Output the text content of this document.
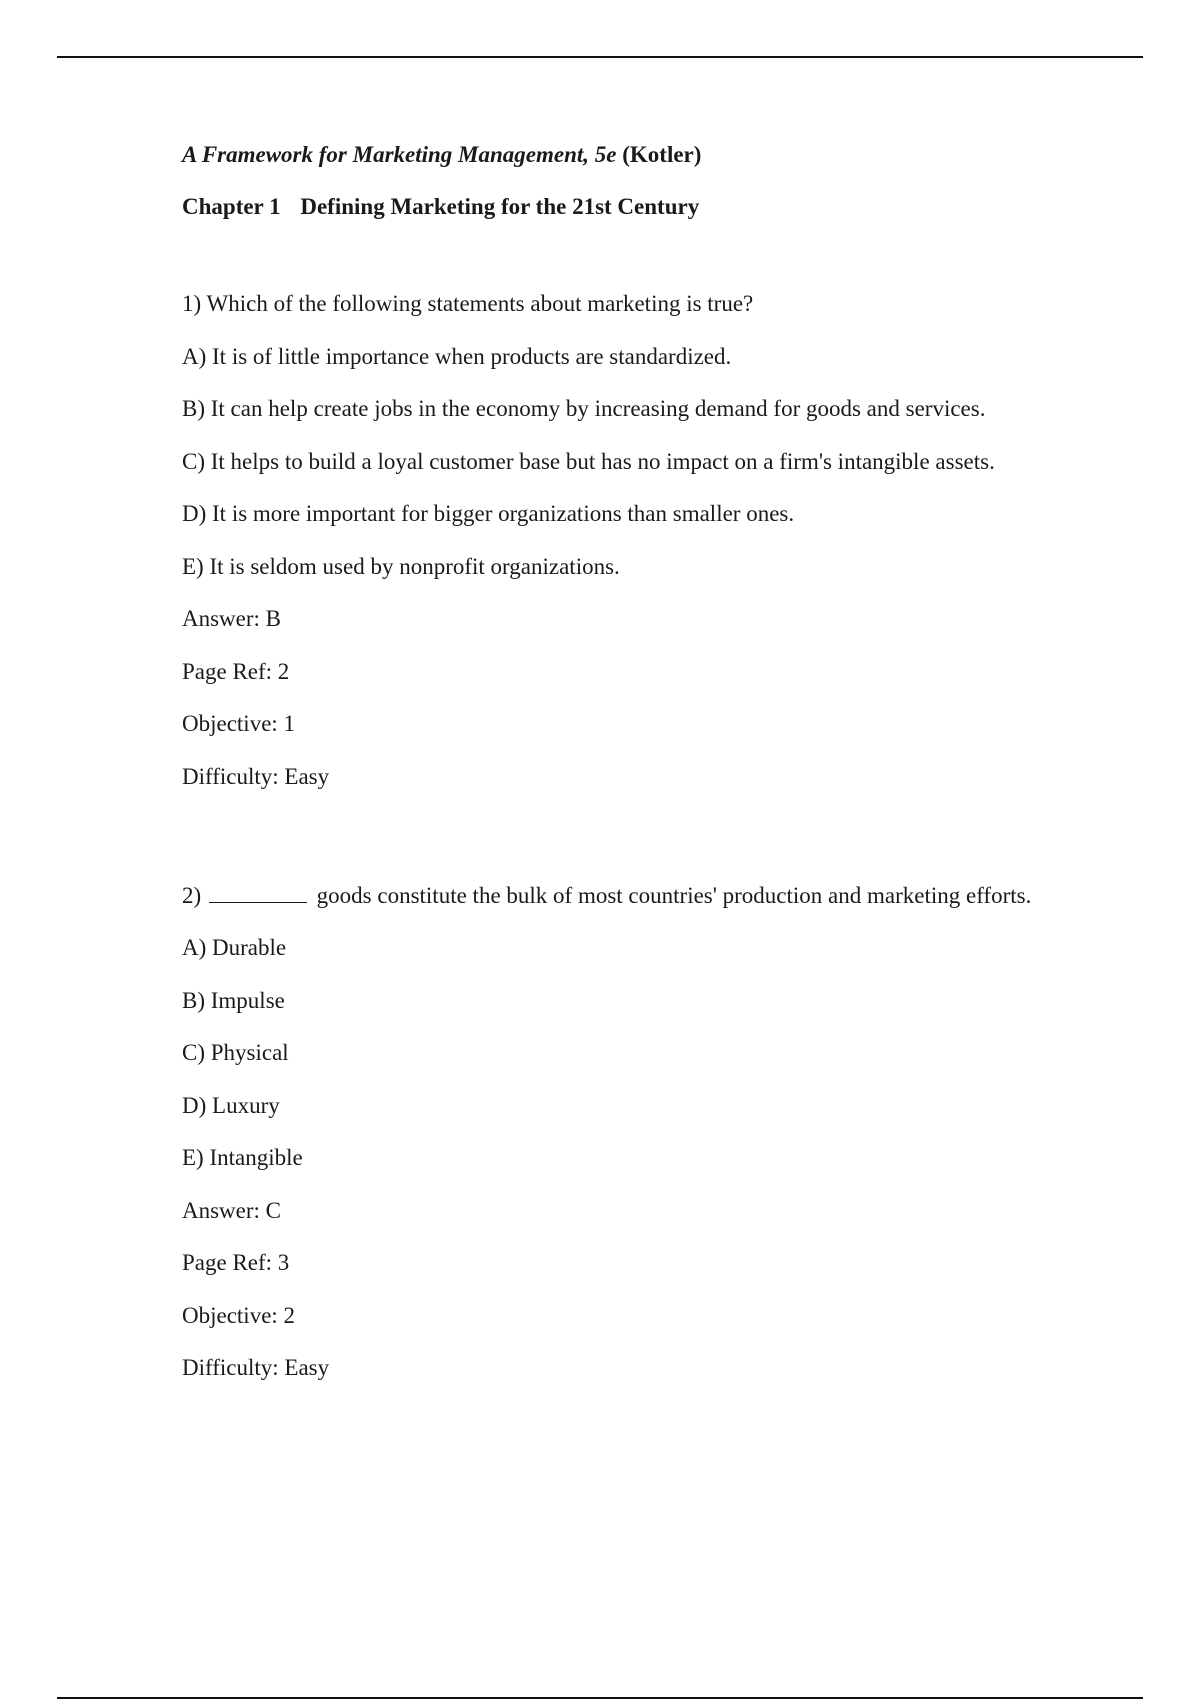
A Framework for Marketing Management, 5e (Kotler)

Chapter 1 Defining Marketing for the 21st Century

1) Which of the following statements about marketing is true?

A) It is of little importance when products are standardized.

B) It can help create jobs in the economy by increasing demand for goods and services.

C) It helps to build a loyal customer base but has no impact on a firm's intangible assets.

D) It is more important for bigger organizations than smaller ones.

E) It is seldom used by nonprofit organizations.

Answer: B

Page Ref: 2

Objective: 1

Difficulty: Easy

2)	goods constitute the bulk of most countries' production and marketing efforts.

A) Durable

B) Impulse

C) Physical

D) Luxury

E) Intangible

Answer: C

Page Ref: 3

Objective: 2

Difficulty: Easy
